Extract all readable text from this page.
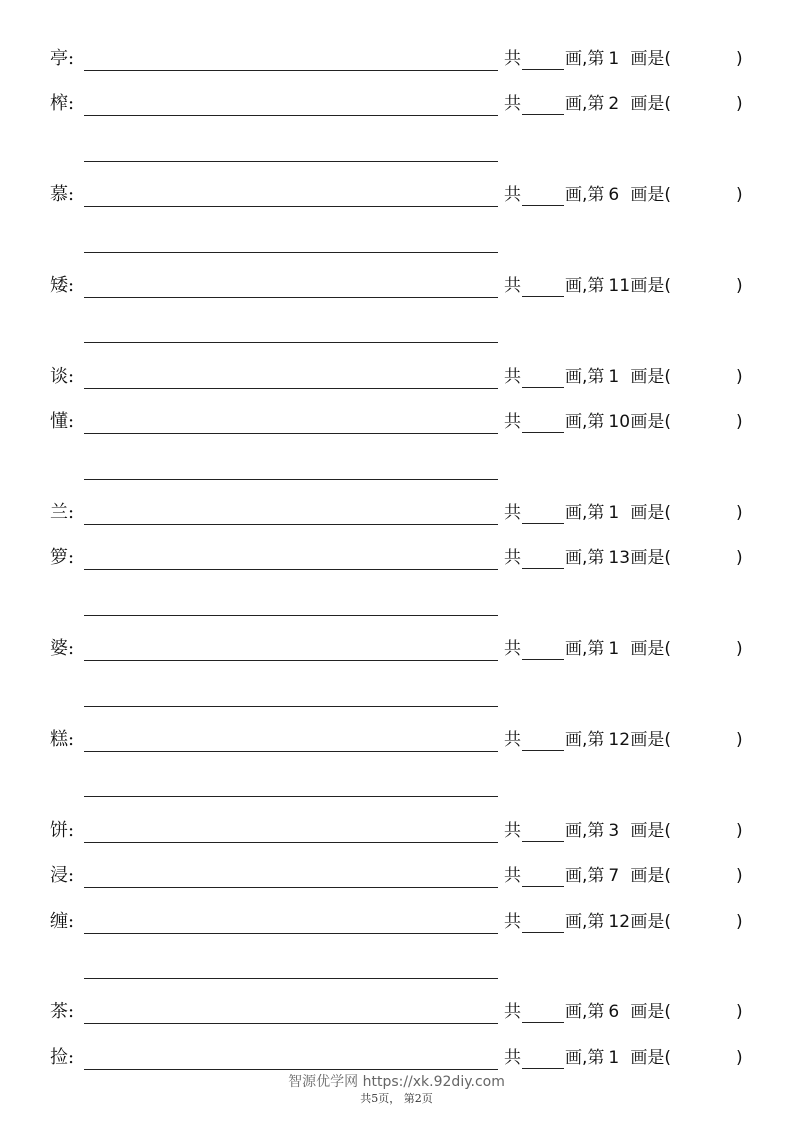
亭:	共	画,第 1 画是(	)
榨:	共	画,第 2 画是(	)
慕:	共	画,第 6 画是(	)
矮:	共	画,第 11画是(	)
谈:	共	画,第 1 画是(	)
懂:	共	画,第 10画是(	)
兰:	共	画,第 1 画是(	)
箩:	共	画,第 13画是(	)
婆:	共	画,第 1 画是(	)
糕:	共	画,第 12画是(	)
饼:	共	画,第 3 画是(	)
浸:	共	画,第 7 画是(	)
缠:	共	画,第 12画是(	)
茶:	共	画,第 6 画是(	)
捡:	共	画,第 1 画是(	)
智源优学网 https://xk.92diy.com
共5页， 第2页
